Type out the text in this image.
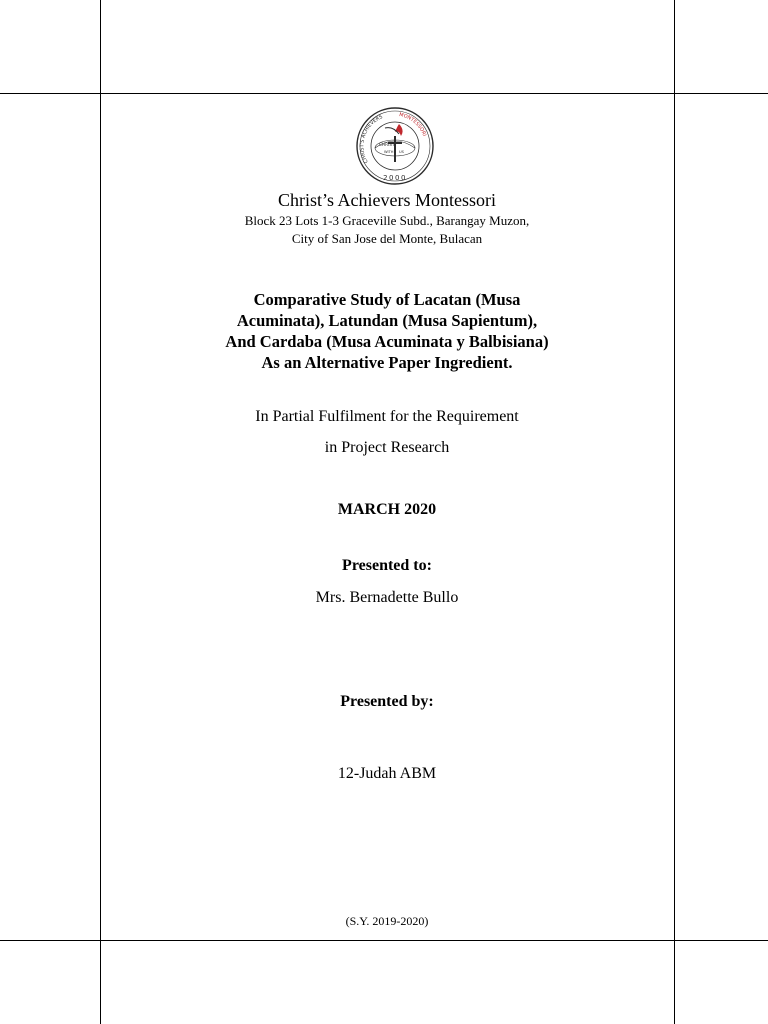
CHRIST'S ACHIEVERS	MONTESSORI
CHRIST
WITH US
2000

Christ’s Achievers Montessori

Block 23 Lots 1-3 Graceville Subd., Barangay Muzon,

City of San Jose del Monte, Bulacan

Comparative Study of Lacatan (Musa
Acuminata), Latundan (Musa Sapientum),
And Cardaba (Musa Acuminata y Balbisiana)
As an Alternative Paper Ingredient.

In Partial Fulfilment for the Requirement

in Project Research

MARCH 2020

Presented to:

Mrs. Bernadette Bullo

Presented by:

12-Judah ABM

(S.Y. 2019-2020)
